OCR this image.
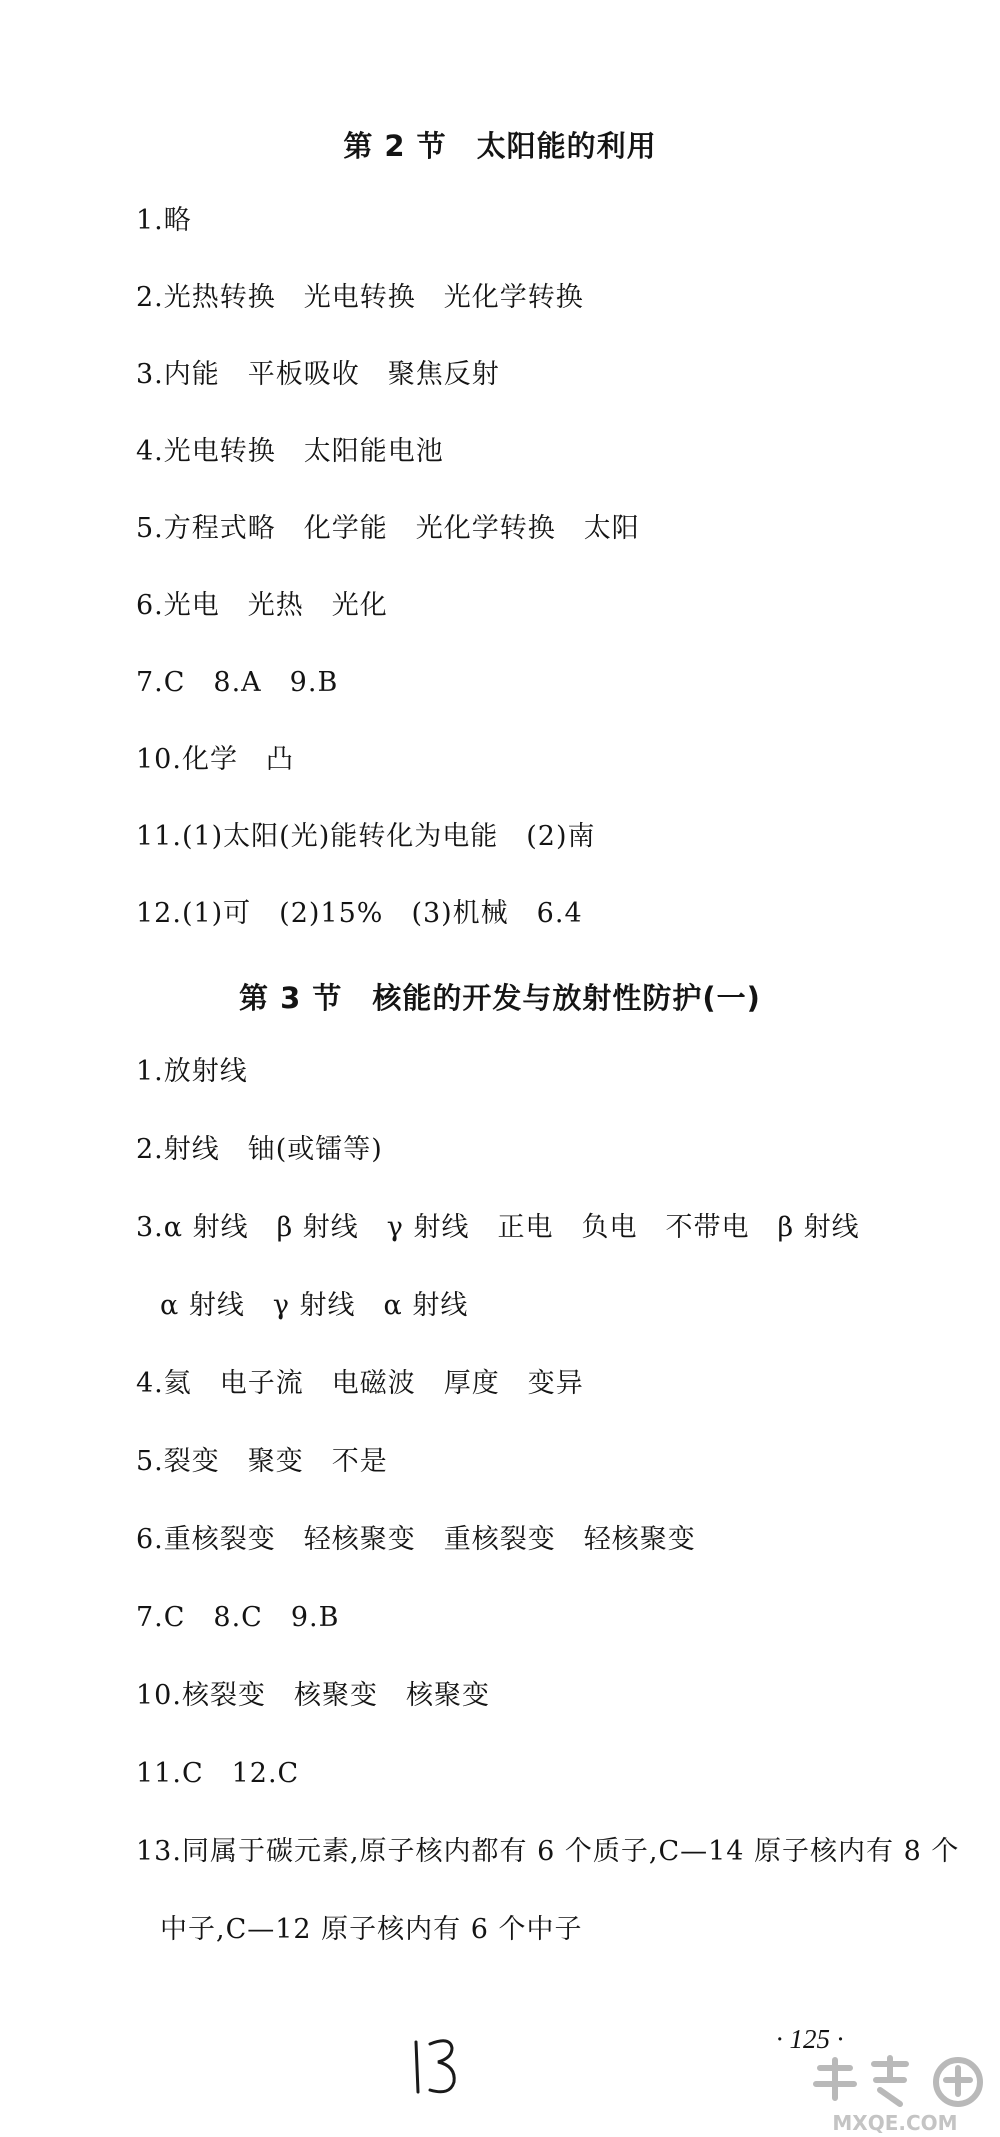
第 2 节　太阳能的利用
1.略
2.光热转换　光电转换　光化学转换
3.内能　平板吸收　聚焦反射
4.光电转换　太阳能电池
5.方程式略　化学能　光化学转换　太阳
6.光电　光热　光化
7.C　8.A　9.B
10.化学　凸
11.(1)太阳(光)能转化为电能　(2)南
12.(1)可　(2)15%　(3)机械　6.4
第 3 节　核能的开发与放射性防护(一)
1.放射线
2.射线　铀(或镭等)
3.α 射线　β 射线　γ 射线　正电　负电　不带电　β 射线
α 射线　γ 射线　α 射线
4.氦　电子流　电磁波　厚度　变异
5.裂变　聚变　不是
6.重核裂变　轻核聚变　重核裂变　轻核聚变
7.C　8.C　9.B
10.核裂变　核聚变　核聚变
11.C　12.C
13.同属于碳元素,原子核内都有 6 个质子,C—14 原子核内有 8 个
中子,C—12 原子核内有 6 个中子
· 125 ·
MXQE.COM
